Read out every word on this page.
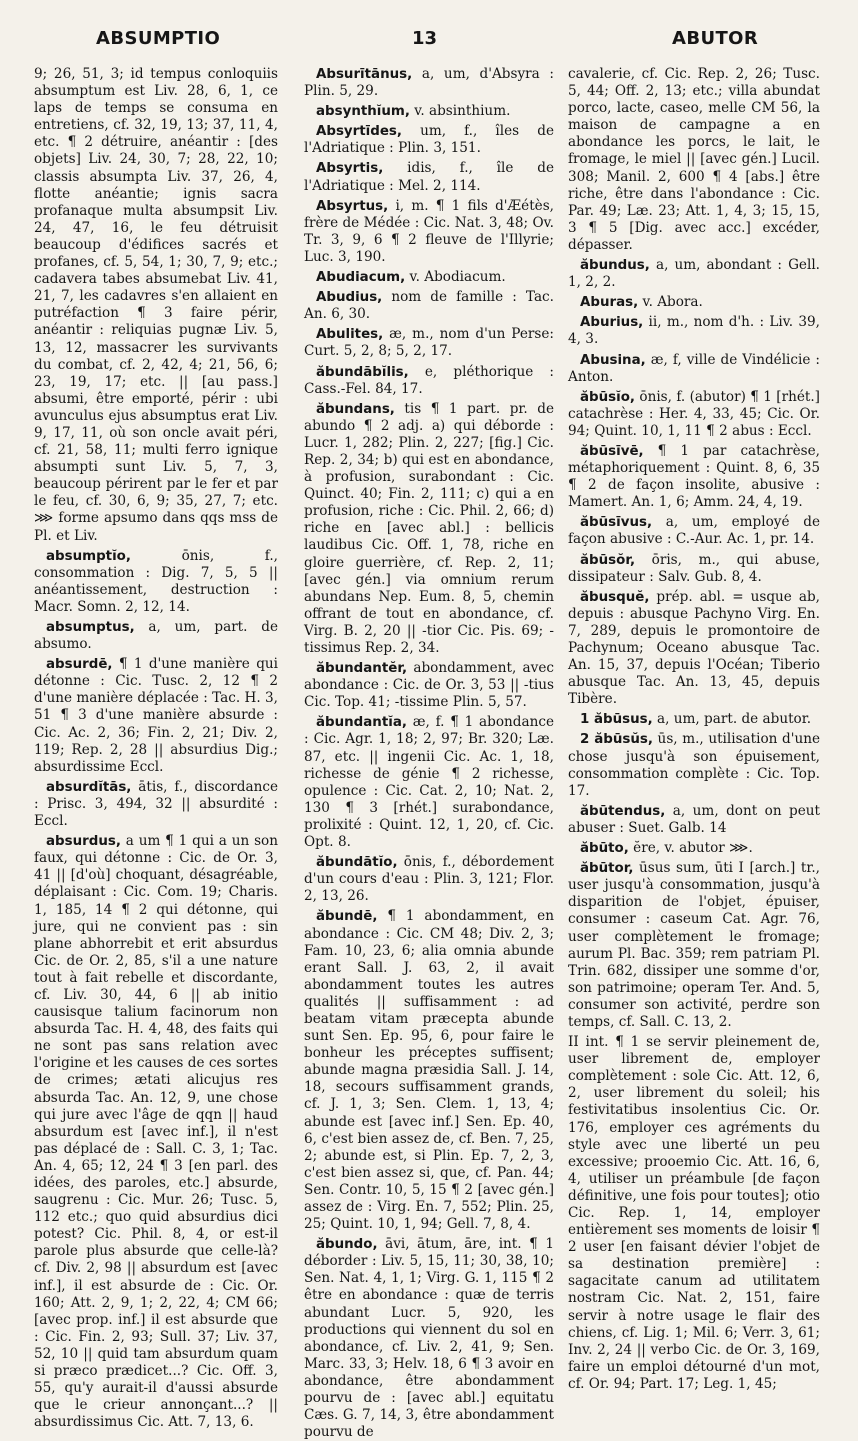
ABSUMPTIO	13	ABUTOR

9; 26, 51, 3; id tempus conloquiis absumptum est Liv. 28, 6, 1, ce laps de temps se consuma en entretiens, cf. 32, 19, 13; 37, 11, 4, etc. ¶ 2 détruire, anéantir : [des objets] Liv. 24, 30, 7; 28, 22, 10; classis absumpta Liv. 37, 26, 4, flotte anéantie; ignis sacra profanaque multa absumpsit Liv. 24, 47, 16, le feu détruisit beaucoup d'édifices sacrés et profanes, cf. 5, 54, 1; 30, 7, 9; etc.; cadavera tabes absumebat Liv. 41, 21, 7, les cadavres s'en allaient en putréfaction ¶ 3 faire périr, anéantir : reliquias pugnæ Liv. 5, 13, 12, massacrer les survivants du combat, cf. 2, 42, 4; 21, 56, 6; 23, 19, 17; etc. || [au pass.] absumi, être emporté, périr : ubi avunculus ejus absumptus erat Liv. 9, 17, 11, où son oncle avait péri, cf. 21, 58, 11; multi ferro ignique absumpti sunt Liv. 5, 7, 3, beaucoup périrent par le fer et par le feu, cf. 30, 6, 9; 35, 27, 7; etc. ⋙ forme apsumo dans qqs mss de Pl. et Liv.

absumptĭo, ōnis, f., consommation : Dig. 7, 5, 5 || anéantissement, destruction : Macr. Somn. 2, 12, 14.

absumptus, a, um, part. de absumo.

absurdē, ¶ 1 d'une manière qui détonne : Cic. Tusc. 2, 12 ¶ 2 d'une manière déplacée : Tac. H. 3, 51 ¶ 3 d'une manière absurde : Cic. Ac. 2, 36; Fin. 2, 21; Div. 2, 119; Rep. 2, 28 || absurdius Dig.; absurdissime Eccl.

absurdĭtās, ātis, f., discordance : Prisc. 3, 494, 32 || absurdité : Eccl.

absurdus, a um ¶ 1 qui a un son faux, qui détonne : Cic. de Or. 3, 41 || [d'où] choquant, désagréable, déplaisant : Cic. Com. 19; Charis. 1, 185, 14 ¶ 2 qui détonne, qui jure, qui ne convient pas : sin plane abhorrebit et erit absurdus Cic. de Or. 2, 85, s'il a une nature tout à fait rebelle et discordante, cf. Liv. 30, 44, 6 || ab initio causisque talium facinorum non absurda Tac. H. 4, 48, des faits qui ne sont pas sans relation avec l'origine et les causes de ces sortes de crimes; ætati alicujus res absurda Tac. An. 12, 9, une chose qui jure avec l'âge de qqn || haud absurdum est [avec inf.], il n'est pas déplacé de : Sall. C. 3, 1; Tac. An. 4, 65; 12, 24 ¶ 3 [en parl. des idées, des paroles, etc.] absurde, saugrenu : Cic. Mur. 26; Tusc. 5, 112 etc.; quo quid absurdius dici potest? Cic. Phil. 8, 4, or est-il parole plus absurde que celle-là? cf. Div. 2, 98 || absurdum est [avec inf.], il est absurde de : Cic. Or. 160; Att. 2, 9, 1; 2, 22, 4; CM 66; [avec prop. inf.] il est absurde que : Cic. Fin. 2, 93; Sull. 37; Liv. 37, 52, 10 || quid tam absurdum quam si præco prædicet...? Cic. Off. 3, 55, qu'y aurait-il d'aussi absurde que le crieur annonçant...? || absurdissimus Cic. Att. 7, 13, 6.

Absurītānus, a, um, d'Absyra : Plin. 5, 29.

absynthĭum, v. absinthium.

Absyrtīdes, um, f., îles de l'Adriatique : Plin. 3, 151.

Absyrtis, idis, f., île de l'Adriatique : Mel. 2, 114.

Absyrtus, i, m. ¶ 1 fils d'Æétès, frère de Médée : Cic. Nat. 3, 48; Ov. Tr. 3, 9, 6 ¶ 2 fleuve de l'Illyrie; Luc. 3, 190.

Abudiacum, v. Abodiacum.

Abudius, nom de famille : Tac. An. 6, 30.

Abulites, æ, m., nom d'un Perse: Curt. 5, 2, 8; 5, 2, 17.

ăbundābĭlis, e, pléthorique : Cass.-Fel. 84, 17.

ăbundans, tis ¶ 1 part. pr. de abundo ¶ 2 adj. a) qui déborde : Lucr. 1, 282; Plin. 2, 227; [fig.] Cic. Rep. 2, 34; b) qui est en abondance, à profusion, surabondant : Cic. Quinct. 40; Fin. 2, 111; c) qui a en profusion, riche : Cic. Phil. 2, 66; d) riche en [avec abl.] : bellicis laudibus Cic. Off. 1, 78, riche en gloire guerrière, cf. Rep. 2, 11; [avec gén.] via omnium rerum abundans Nep. Eum. 8, 5, chemin offrant de tout en abondance, cf. Virg. B. 2, 20 || -tior Cic. Pis. 69; -tissimus Rep. 2, 34.

ăbundantĕr, abondamment, avec abondance : Cic. de Or. 3, 53 || -tius Cic. Top. 41; -tissime Plin. 5, 57.

ăbundantĭa, æ, f. ¶ 1 abondance : Cic. Agr. 1, 18; 2, 97; Br. 320; Læ. 87, etc. || ingenii Cic. Ac. 1, 18, richesse de génie ¶ 2 richesse, opulence : Cic. Cat. 2, 10; Nat. 2, 130 ¶ 3 [rhét.] surabondance, prolixité : Quint. 12, 1, 20, cf. Cic. Opt. 8.

ăbundātĭo, ōnis, f., débordement d'un cours d'eau : Plin. 3, 121; Flor. 2, 13, 26.

ăbundē, ¶ 1 abondamment, en abondance : Cic. CM 48; Div. 2, 3; Fam. 10, 23, 6; alia omnia abunde erant Sall. J. 63, 2, il avait abondamment toutes les autres qualités || suffisamment : ad beatam vitam præcepta abunde sunt Sen. Ep. 95, 6, pour faire le bonheur les préceptes suffisent; abunde magna præsidia Sall. J. 14, 18, secours suffisamment grands, cf. J. 1, 3; Sen. Clem. 1, 13, 4; abunde est [avec inf.] Sen. Ep. 40, 6, c'est bien assez de, cf. Ben. 7, 25, 2; abunde est, si Plin. Ep. 7, 2, 3, c'est bien assez si, que, cf. Pan. 44; Sen. Contr. 10, 5, 15 ¶ 2 [avec gén.] assez de : Virg. En. 7, 552; Plin. 25, 25; Quint. 10, 1, 94; Gell. 7, 8, 4.

ăbundo, āvi, ātum, āre, int. ¶ 1 déborder : Liv. 5, 15, 11; 30, 38, 10; Sen. Nat. 4, 1, 1; Virg. G. 1, 115 ¶ 2 être en abondance : quæ de terris abundant Lucr. 5, 920, les productions qui viennent du sol en abondance, cf. Liv. 2, 41, 9; Sen. Marc. 33, 3; Helv. 18, 6 ¶ 3 avoir en abondance, être abondamment pourvu de : [avec abl.] equitatu Cæs. G. 7, 14, 3, être abondamment pourvu de

cavalerie, cf. Cic. Rep. 2, 26; Tusc. 5, 44; Off. 2, 13; etc.; villa abundat porco, lacte, caseo, melle CM 56, la maison de campagne a en abondance les porcs, le lait, le fromage, le miel || [avec gén.] Lucil. 308; Manil. 2, 600 ¶ 4 [abs.] être riche, être dans l'abondance : Cic. Par. 49; Læ. 23; Att. 1, 4, 3; 15, 15, 3 ¶ 5 [Dig. avec acc.] excéder, dépasser.

ăbundus, a, um, abondant : Gell. 1, 2, 2.

Aburas, v. Abora.

Aburius, ii, m., nom d'h. : Liv. 39, 4, 3.

Abusina, æ, f, ville de Vindélicie : Anton.

ăbūsĭo, ōnis, f. (abutor) ¶ 1 [rhét.] catachrèse : Her. 4, 33, 45; Cic. Or. 94; Quint. 10, 1, 11 ¶ 2 abus : Eccl.

ăbūsīvē, ¶ 1 par catachrèse, métaphoriquement : Quint. 8, 6, 35 ¶ 2 de façon insolite, abusive : Mamert. An. 1, 6; Amm. 24, 4, 19.

ăbūsīvus, a, um, employé de façon abusive : C.-Aur. Ac. 1, pr. 14.

ăbūsŏr, ōris, m., qui abuse, dissipateur : Salv. Gub. 8, 4.

ăbusquĕ, prép. abl. = usque ab, depuis : abusque Pachyno Virg. En. 7, 289, depuis le promontoire de Pachynum; Oceano abusque Tac. An. 15, 37, depuis l'Océan; Tiberio abusque Tac. An. 13, 45, depuis Tibère.

1 ăbūsus, a, um, part. de abutor.

2 ăbūsŭs, ūs, m., utilisation d'une chose jusqu'à son épuisement, consommation complète : Cic. Top. 17.

ăbūtendus, a, um, dont on peut abuser : Suet. Galb. 14

ăbūto, ĕre, v. abutor ⋙.

ăbūtor, ūsus sum, ūti I [arch.] tr., user jusqu'à consommation, jusqu'à disparition de l'objet, épuiser, consumer : caseum Cat. Agr. 76, user complètement le fromage; aurum Pl. Bac. 359; rem patriam Pl. Trin. 682, dissiper une somme d'or, son patrimoine; operam Ter. And. 5, consumer son activité, perdre son temps, cf. Sall. C. 13, 2.

II int. ¶ 1 se servir pleinement de, user librement de, employer complètement : sole Cic. Att. 12, 6, 2, user librement du soleil; his festivitatibus insolentius Cic. Or. 176, employer ces agréments du style avec une liberté un peu excessive; prooemio Cic. Att. 16, 6, 4, utiliser un préambule [de façon définitive, une fois pour toutes]; otio Cic. Rep. 1, 14, employer entièrement ses moments de loisir ¶ 2 user [en faisant dévier l'objet de sa destination première] : sagacitate canum ad utilitatem nostram Cic. Nat. 2, 151, faire servir à notre usage le flair des chiens, cf. Lig. 1; Mil. 6; Verr. 3, 61; Inv. 2, 24 || verbo Cic. de Or. 3, 169, faire un emploi détourné d'un mot, cf. Or. 94; Part. 17; Leg. 1, 45;
